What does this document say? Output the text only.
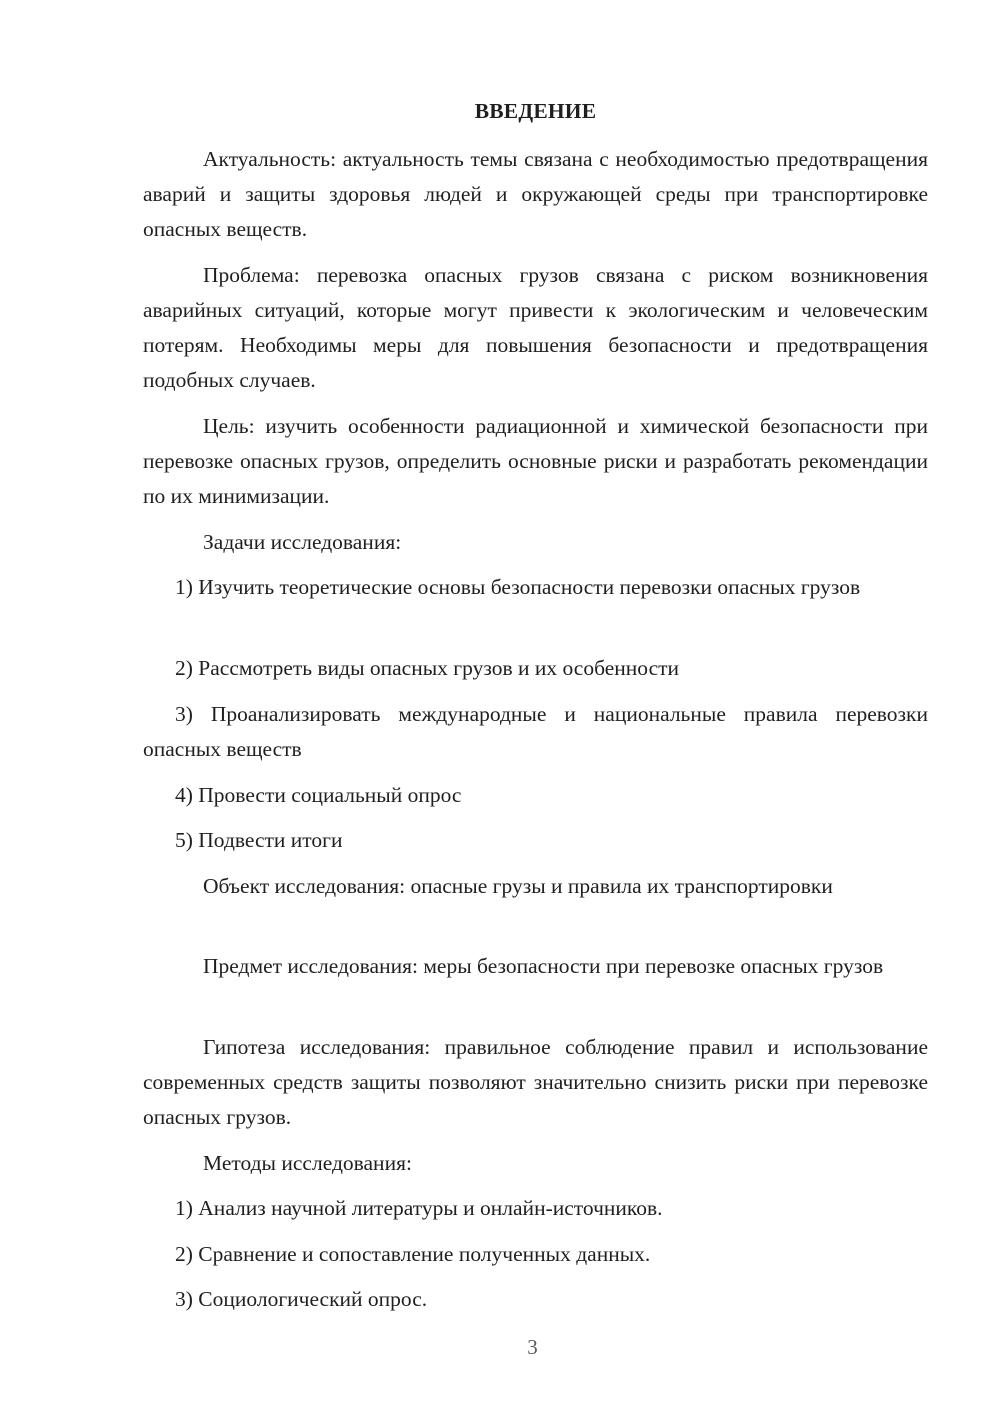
ВВЕДЕНИЕ

Актуальность: актуальность темы связана с необходимостью предотвращения аварий и защиты здоровья людей и окружающей среды при транспортировке опасных веществ.

Проблема: перевозка опасных грузов связана с риском возникновения аварийных ситуаций, которые могут привести к экологическим и человеческим потерям. Необходимы меры для повышения безопасности и предотвращения подобных случаев.

Цель: изучить особенности радиационной и химической безопасности при перевозке опасных грузов, определить основные риски и разработать рекомендации по их минимизации.

Задачи исследования:

1) Изучить теоретические основы безопасности перевозки опасных грузов

2) Рассмотреть виды опасных грузов и их особенности

3) Проанализировать международные и национальные правила перевозки опасных веществ

4) Провести социальный опрос

5) Подвести итоги

Объект исследования: опасные грузы и правила их транспортировки

Предмет исследования: меры безопасности при перевозке опасных грузов

Гипотеза исследования: правильное соблюдение правил и использование современных средств защиты позволяют значительно снизить риски при перевозке опасных грузов.

Методы исследования:

1) Анализ научной литературы и онлайн-источников.

2) Сравнение и сопоставление полученных данных.

3) Социологический опрос.

3
